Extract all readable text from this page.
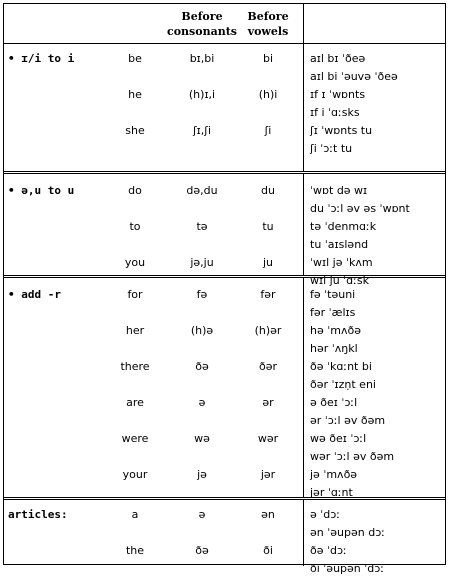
Before
consonants
Before
vowels
• ɪ/i to i	be	bɪ,bi	bi	aɪl bɪ ˈðeə
aɪl bi ˈəuvə ˈðeə
he	(h)ɪ,i	(h)i	ɪf ɪ ˈwɒnts
ɪf i ˈɑːsks
she	ʃɪ,ʃi	ʃi	ʃɪ ˈwɒnts tu
ʃi ˈɔːt tu
• ə,u to u	do	də,du	du	ˈwɒt də wɪ
du ˈɔːl əv əs ˈwɒnt
to	tə	tu	tə ˈdenmɑːk
tu ˈaɪslənd
you	jə,ju	ju	ˈwɪl jə ˈkʌm
wɪl ju ˈɑːsk
• add -r	for	fə	fər	fə ˈtəuni
fər ˈælɪs
her	(h)ə	(h)ər	hə ˈmʌðə
hər ˈʌŋkl
there	ðə	ðər	ðə ˈkɑːnt bi
ðər ˈɪzṇt eni
are	ə	ər	ə ðeɪ ˈɔːl
ər ˈɔːl əv ðəm
were	wə	wər	wə ðeɪ ˈɔːl
wər ˈɔːl əv ðəm
your	jə	jər	jə ˈmʌðə
jər ˈɑːnt
articles:	a	ə	ən	ə ˈdɔː
ən ˈəupən dɔː
the	ðə	ði	ðə ˈdɔː
ði ˈəupən ˈdɔː
